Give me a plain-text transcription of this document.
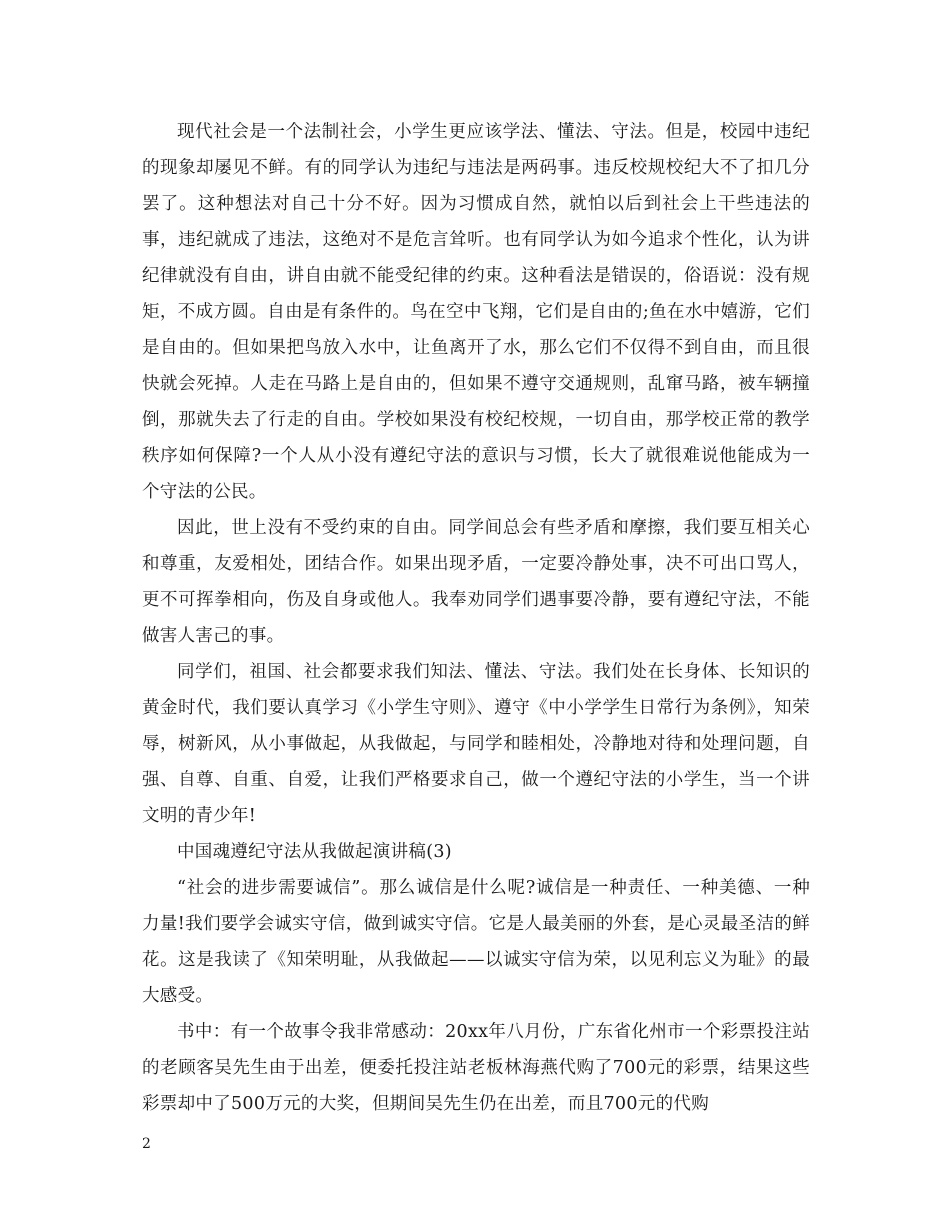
现代社会是一个法制社会，小学生更应该学法、懂法、守法。但是，校园中违纪的现象却屡见不鲜。有的同学认为违纪与违法是两码事。违反校规校纪大不了扣几分罢了。这种想法对自己十分不好。因为习惯成自然，就怕以后到社会上干些违法的事，违纪就成了违法，这绝对不是危言耸听。也有同学认为如今追求个性化，认为讲纪律就没有自由，讲自由就不能受纪律的约束。这种看法是错误的，俗语说：没有规矩，不成方圆。自由是有条件的。鸟在空中飞翔，它们是自由的;鱼在水中嬉游，它们是自由的。但如果把鸟放入水中，让鱼离开了水，那么它们不仅得不到自由，而且很快就会死掉。人走在马路上是自由的，但如果不遵守交通规则，乱窜马路，被车辆撞倒，那就失去了行走的自由。学校如果没有校纪校规，一切自由，那学校正常的教学秩序如何保障?一个人从小没有遵纪守法的意识与习惯，长大了就很难说他能成为一个守法的公民。

因此，世上没有不受约束的自由。同学间总会有些矛盾和摩擦，我们要互相关心和尊重，友爱相处，团结合作。如果出现矛盾，一定要冷静处事，决不可出口骂人，更不可挥拳相向，伤及自身或他人。我奉劝同学们遇事要冷静，要有遵纪守法，不能做害人害己的事。

同学们，祖国、社会都要求我们知法、懂法、守法。我们处在长身体、长知识的黄金时代，我们要认真学习《小学生守则》、遵守《中小学学生日常行为条例》，知荣辱，树新风，从小事做起，从我做起，与同学和睦相处，冷静地对待和处理问题，自强、自尊、自重、自爱，让我们严格要求自己，做一个遵纪守法的小学生，当一个讲文明的青少年!

中国魂遵纪守法从我做起演讲稿(3)

“社会的进步需要诚信”。那么诚信是什么呢?诚信是一种责任、一种美德、一种力量!我们要学会诚实守信，做到诚实守信。它是人最美丽的外套，是心灵最圣洁的鲜花。这是我读了《知荣明耻，从我做起——以诚实守信为荣，以见利忘义为耻》的最大感受。

书中：有一个故事令我非常感动：20xx年八月份，广东省化州市一个彩票投注站的老顾客吴先生由于出差，便委托投注站老板林海燕代购了700元的彩票，结果这些彩票却中了500万元的大奖，但期间吴先生仍在出差，而且700元的代购

2
